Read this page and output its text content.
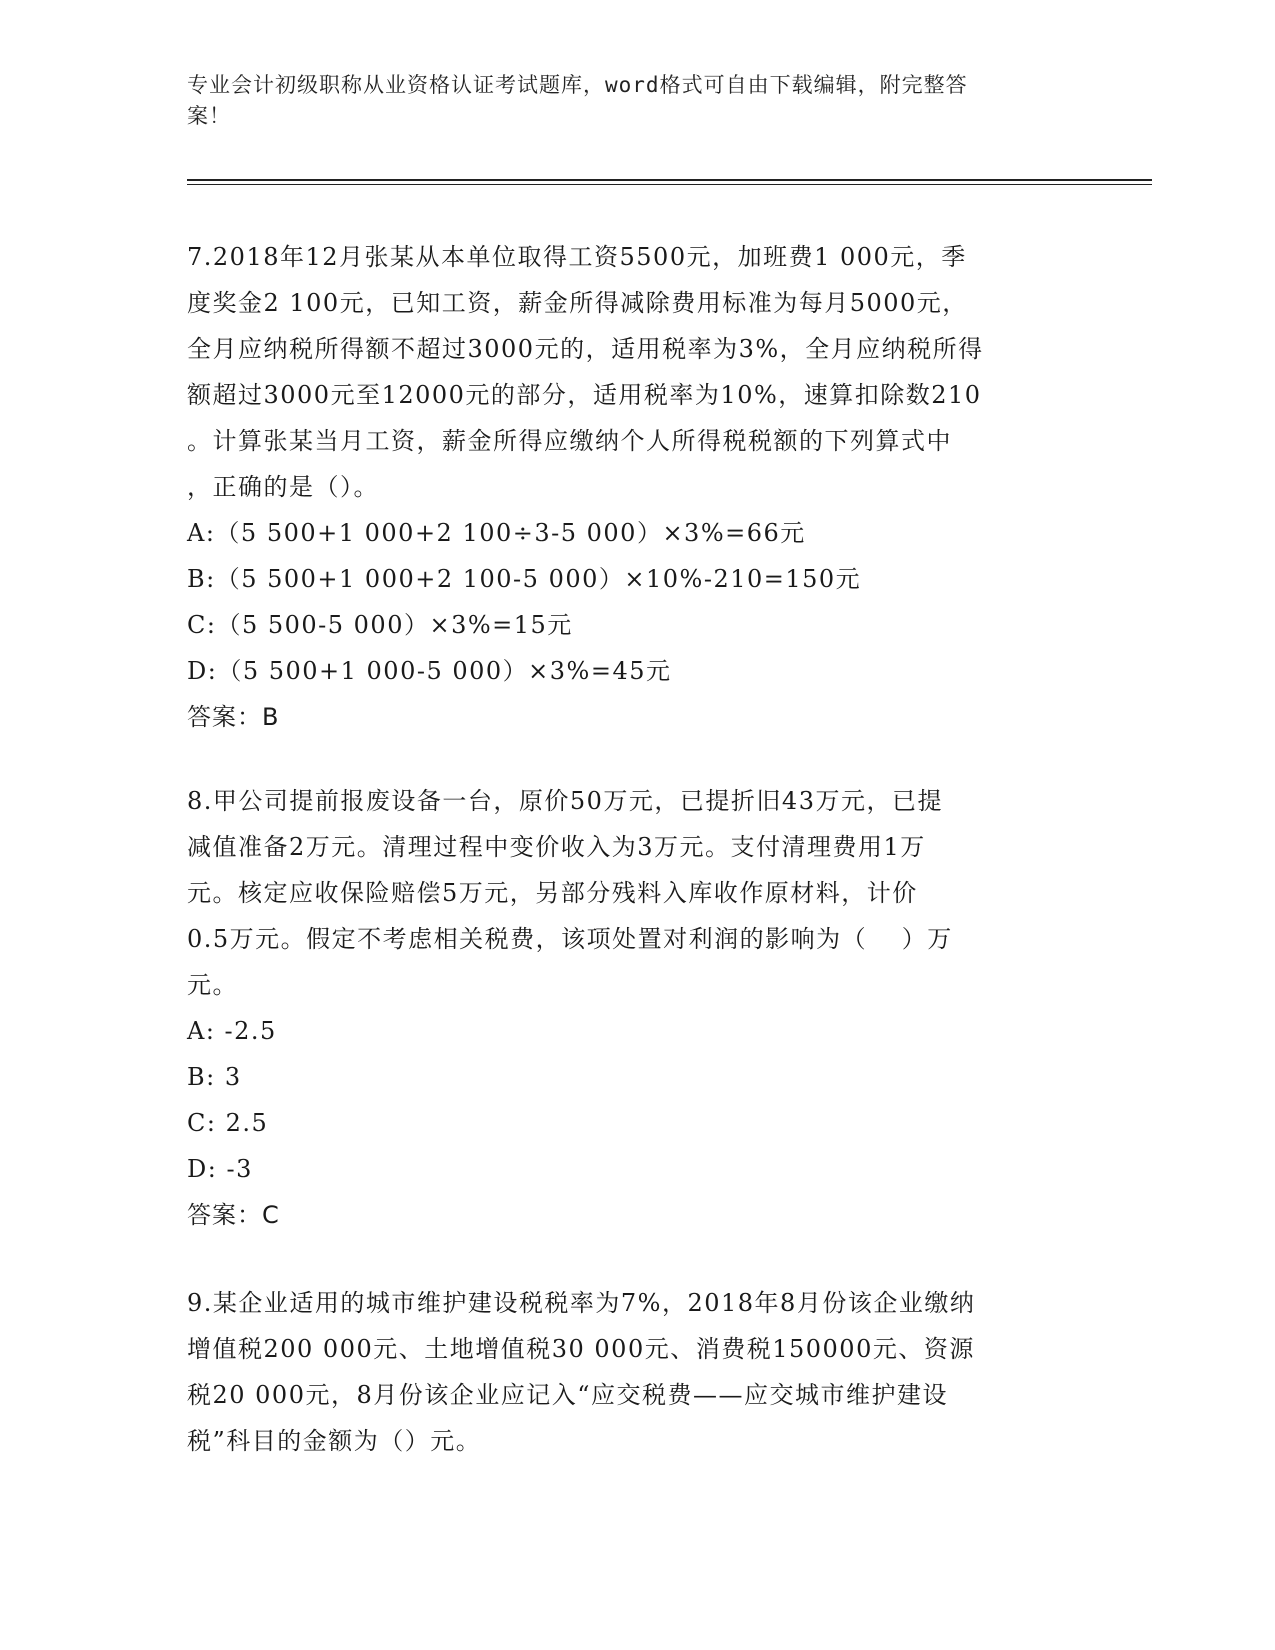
专业会计初级职称从业资格认证考试题库，word格式可自由下载编辑，附完整答
案！

7.2018年12月张某从本单位取得工资5500元，加班费1 000元，季

度奖金2 100元，已知工资，薪金所得减除费用标准为每月5000元，

全月应纳税所得额不超过3000元的，适用税率为3%，全月应纳税所得

额超过3000元至12000元的部分，适用税率为10%，速算扣除数210

。计算张某当月工资，薪金所得应缴纳个人所得税税额的下列算式中

，正确的是（）。

A:（5 500+1 000+2 100÷3-5 000）×3%=66元

B:（5 500+1 000+2 100-5 000）×10%-210=150元

C:（5 500-5 000）×3%=15元

D:（5 500+1 000-5 000）×3%=45元

答案：B

8.甲公司提前报废设备一台，原价50万元，已提折旧43万元，已提

减值准备2万元。清理过程中变价收入为3万元。支付清理费用1万

元。核定应收保险赔偿5万元，另部分残料入库收作原材料，计价

0.5万元。假定不考虑相关税费，该项处置对利润的影响为（　 ）万

元。

A: -2.5

B: 3

C: 2.5

D: -3

答案：C

9.某企业适用的城市维护建设税税率为7%，2018年8月份该企业缴纳

增值税200 000元、土地增值税30 000元、消费税150000元、资源

税20 000元，8月份该企业应记入“应交税费——应交城市维护建设

税”科目的金额为（）元。
